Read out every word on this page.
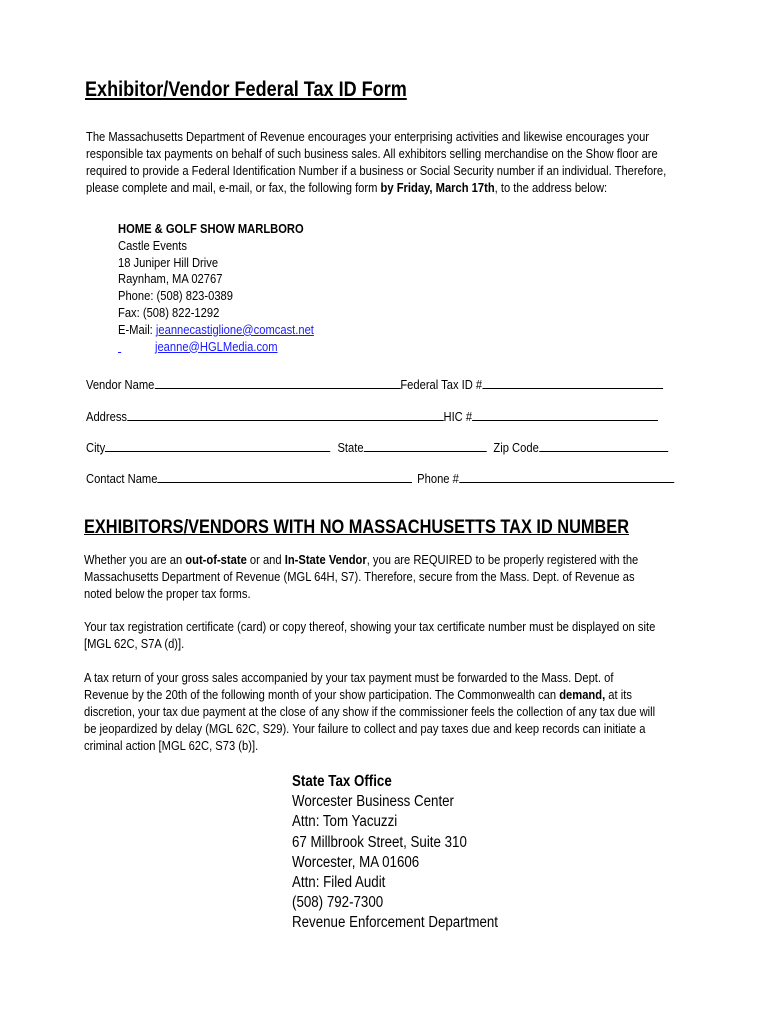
Exhibitor/Vendor Federal Tax ID Form
The Massachusetts Department of Revenue encourages your enterprising activities and likewise encourages your responsible tax payments on behalf of such business sales. All exhibitors selling merchandise on the Show floor are required to provide a Federal Identification Number if a business or Social Security number if an individual. Therefore, please complete and mail, e-mail, or fax, the following form by Friday, March 17th, to the address below:
HOME & GOLF SHOW MARLBORO
Castle Events
18 Juniper Hill Drive
Raynham, MA 02767
Phone: (508) 823-0389
Fax: (508) 822-1292
E-Mail: jeannecastiglione@comcast.net
jeanne@HGLMedia.com
Vendor Name	Federal Tax ID #
Address	HIC #
City	State	Zip Code
Contact Name	Phone #
EXHIBITORS/VENDORS WITH NO MASSACHUSETTS TAX ID NUMBER
Whether you are an out-of-state or and In-State Vendor, you are REQUIRED to be properly registered with the Massachusetts Department of Revenue (MGL 64H, S7). Therefore, secure from the Mass. Dept. of Revenue as noted below the proper tax forms.
Your tax registration certificate (card) or copy thereof, showing your tax certificate number must be displayed on site [MGL 62C, S7A (d)].
A tax return of your gross sales accompanied by your tax payment must be forwarded to the Mass. Dept. of Revenue by the 20th of the following month of your show participation. The Commonwealth can demand, at its discretion, your tax due payment at the close of any show if the commissioner feels the collection of any tax due will be jeopardized by delay (MGL 62C, S29). Your failure to collect and pay taxes due and keep records can initiate a criminal action [MGL 62C, S73 (b)].
State Tax Office
Worcester Business Center
Attn: Tom Yacuzzi
67 Millbrook Street, Suite 310
Worcester, MA 01606
Attn: Filed Audit
(508) 792-7300
Revenue Enforcement Department
